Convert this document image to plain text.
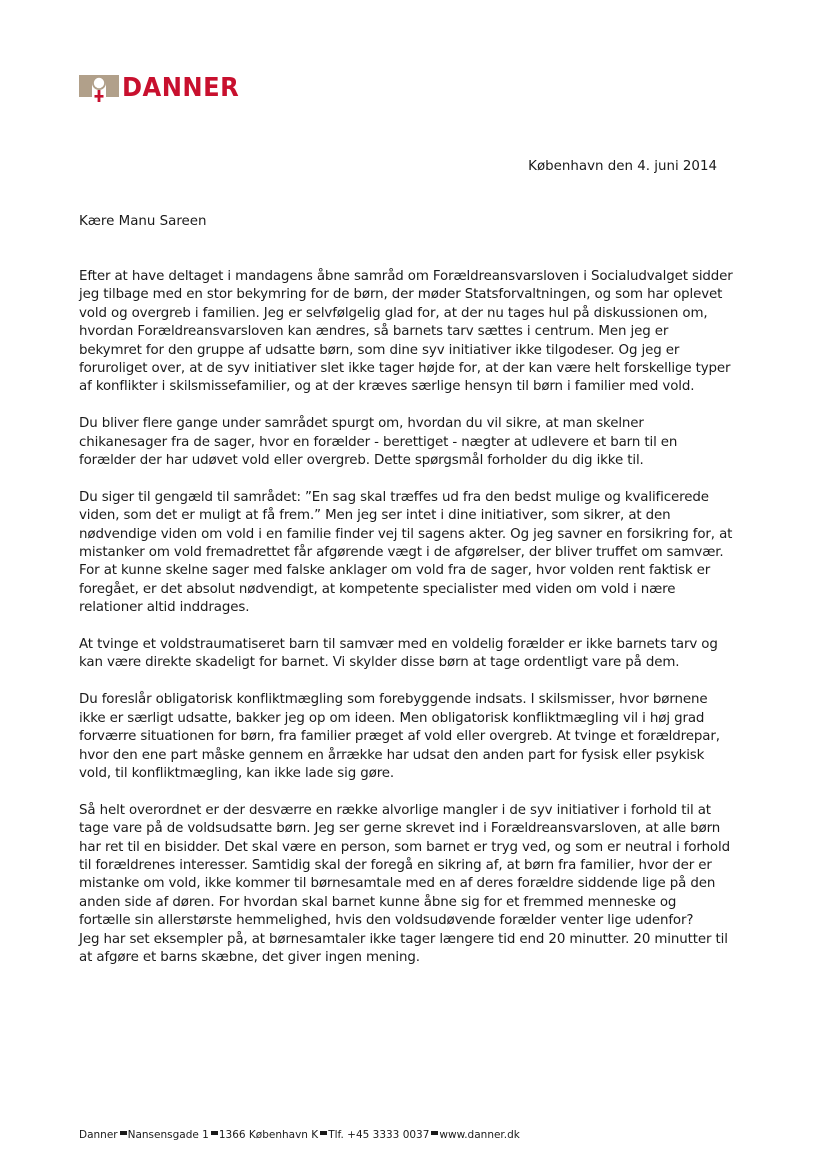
DANNER
København den 4. juni 2014
Kære Manu Sareen

Efter at have deltaget i mandagens åbne samråd om Forældreansvarsloven i Socialudvalget sidder
jeg tilbage med en stor bekymring for de børn, der møder Statsforvaltningen, og som har oplevet
vold og overgreb i familien. Jeg er selvfølgelig glad for, at der nu tages hul på diskussionen om,
hvordan Forældreansvarsloven kan ændres, så barnets tarv sættes i centrum. Men jeg er
bekymret for den gruppe af udsatte børn, som dine syv initiativer ikke tilgodeser. Og jeg er
foruroliget over, at de syv initiativer slet ikke tager højde for, at der kan være helt forskellige typer
af konflikter i skilsmissefamilier, og at der kræves særlige hensyn til børn i familier med vold.

Du bliver flere gange under samrådet spurgt om, hvordan du vil sikre, at man skelner
chikanesager fra de sager, hvor en forælder - berettiget - nægter at udlevere et barn til en
forælder der har udøvet vold eller overgreb. Dette spørgsmål forholder du dig ikke til.

Du siger til gengæld til samrådet: ”En sag skal træffes ud fra den bedst mulige og kvalificerede
viden, som det er muligt at få frem.” Men jeg ser intet i dine initiativer, som sikrer, at den
nødvendige viden om vold i en familie finder vej til sagens akter. Og jeg savner en forsikring for, at
mistanker om vold fremadrettet får afgørende vægt i de afgørelser, der bliver truffet om samvær.
For at kunne skelne sager med falske anklager om vold fra de sager, hvor volden rent faktisk er
foregået, er det absolut nødvendigt, at kompetente specialister med viden om vold i nære
relationer altid inddrages.

At tvinge et voldstraumatiseret barn til samvær med en voldelig forælder er ikke barnets tarv og
kan være direkte skadeligt for barnet. Vi skylder disse børn at tage ordentligt vare på dem.

Du foreslår obligatorisk konfliktmægling som forebyggende indsats. I skilsmisser, hvor børnene
ikke er særligt udsatte, bakker jeg op om ideen. Men obligatorisk konfliktmægling vil i høj grad
forværre situationen for børn, fra familier præget af vold eller overgreb. At tvinge et forældrepar,
hvor den ene part måske gennem en årrække har udsat den anden part for fysisk eller psykisk
vold, til konfliktmægling, kan ikke lade sig gøre.

Så helt overordnet er der desværre en række alvorlige mangler i de syv initiativer i forhold til at
tage vare på de voldsudsatte børn. Jeg ser gerne skrevet ind i Forældreansvarsloven, at alle børn
har ret til en bisidder. Det skal være en person, som barnet er tryg ved, og som er neutral i forhold
til forældrenes interesser. Samtidig skal der foregå en sikring af, at børn fra familier, hvor der er
mistanke om vold, ikke kommer til børnesamtale med en af deres forældre siddende lige på den
anden side af døren. For hvordan skal barnet kunne åbne sig for et fremmed menneske og
fortælle sin allerstørste hemmelighed, hvis den voldsudøvende forælder venter lige udenfor?
Jeg har set eksempler på, at børnesamtaler ikke tager længere tid end 20 minutter. 20 minutter til
at afgøre et barns skæbne, det giver ingen mening.

Danner Nansensgade 1 1366 København K Tlf. +45 3333 0037 www.danner.dk
